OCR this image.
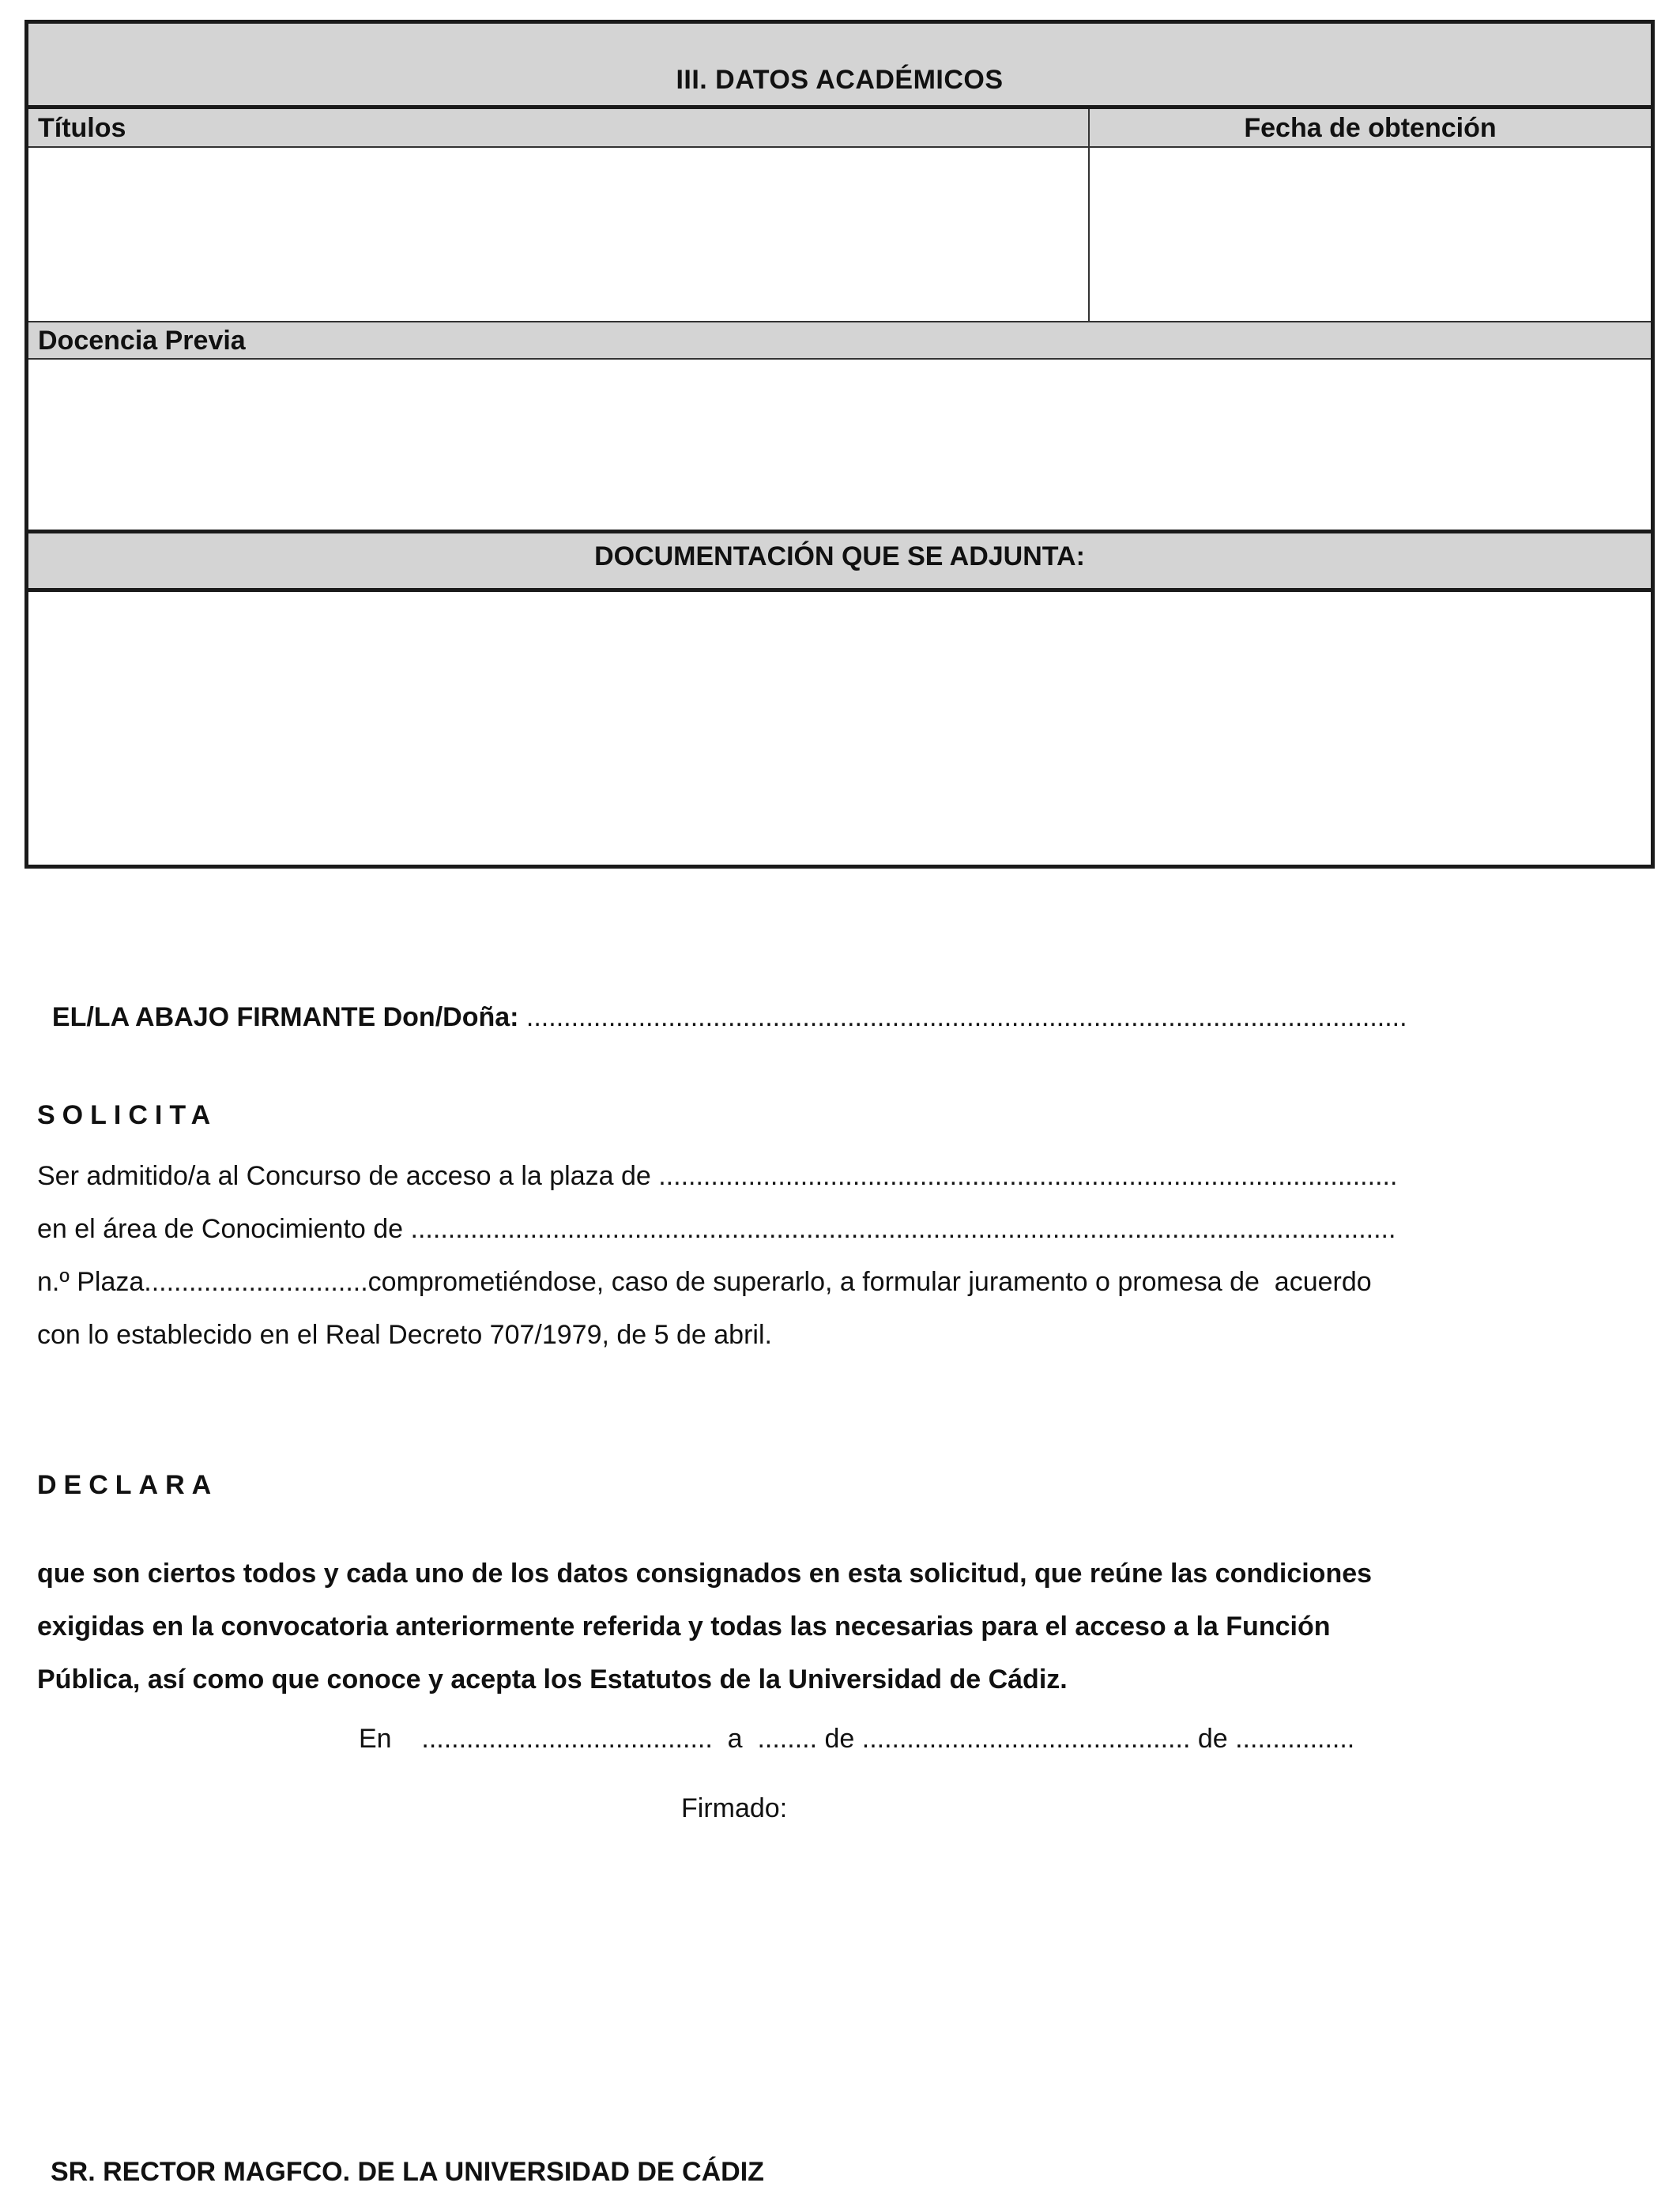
III. DATOS ACADÉMICOS
Títulos	Fecha de obtención
Docencia Previa
DOCUMENTACIÓN QUE SE ADJUNTA:

EL/LA ABAJO FIRMANTE Don/Doña: ......................................................................................................................

SOLICITA
Ser admitido/a al Concurso de acceso a la plaza de ...................................................................................................
en el área de Conocimiento de ....................................................................................................................................
n.º Plaza..............................comprometiéndose, caso de superarlo, a formular juramento o promesa de  acuerdo
con lo establecido en el Real Decreto 707/1979, de 5 de abril.
DECLARA
que son ciertos todos y cada uno de los datos consignados en esta solicitud, que reúne las condiciones
exigidas en la convocatoria anteriormente referida y todas las necesarias para el acceso a la Función
Pública, así como que conoce y acepta los Estatutos de la Universidad de Cádiz.
En    .......................................  a  ........ de ............................................ de ................
Firmado:
SR. RECTOR MAGFCO. DE LA UNIVERSIDAD DE CÁDIZ
